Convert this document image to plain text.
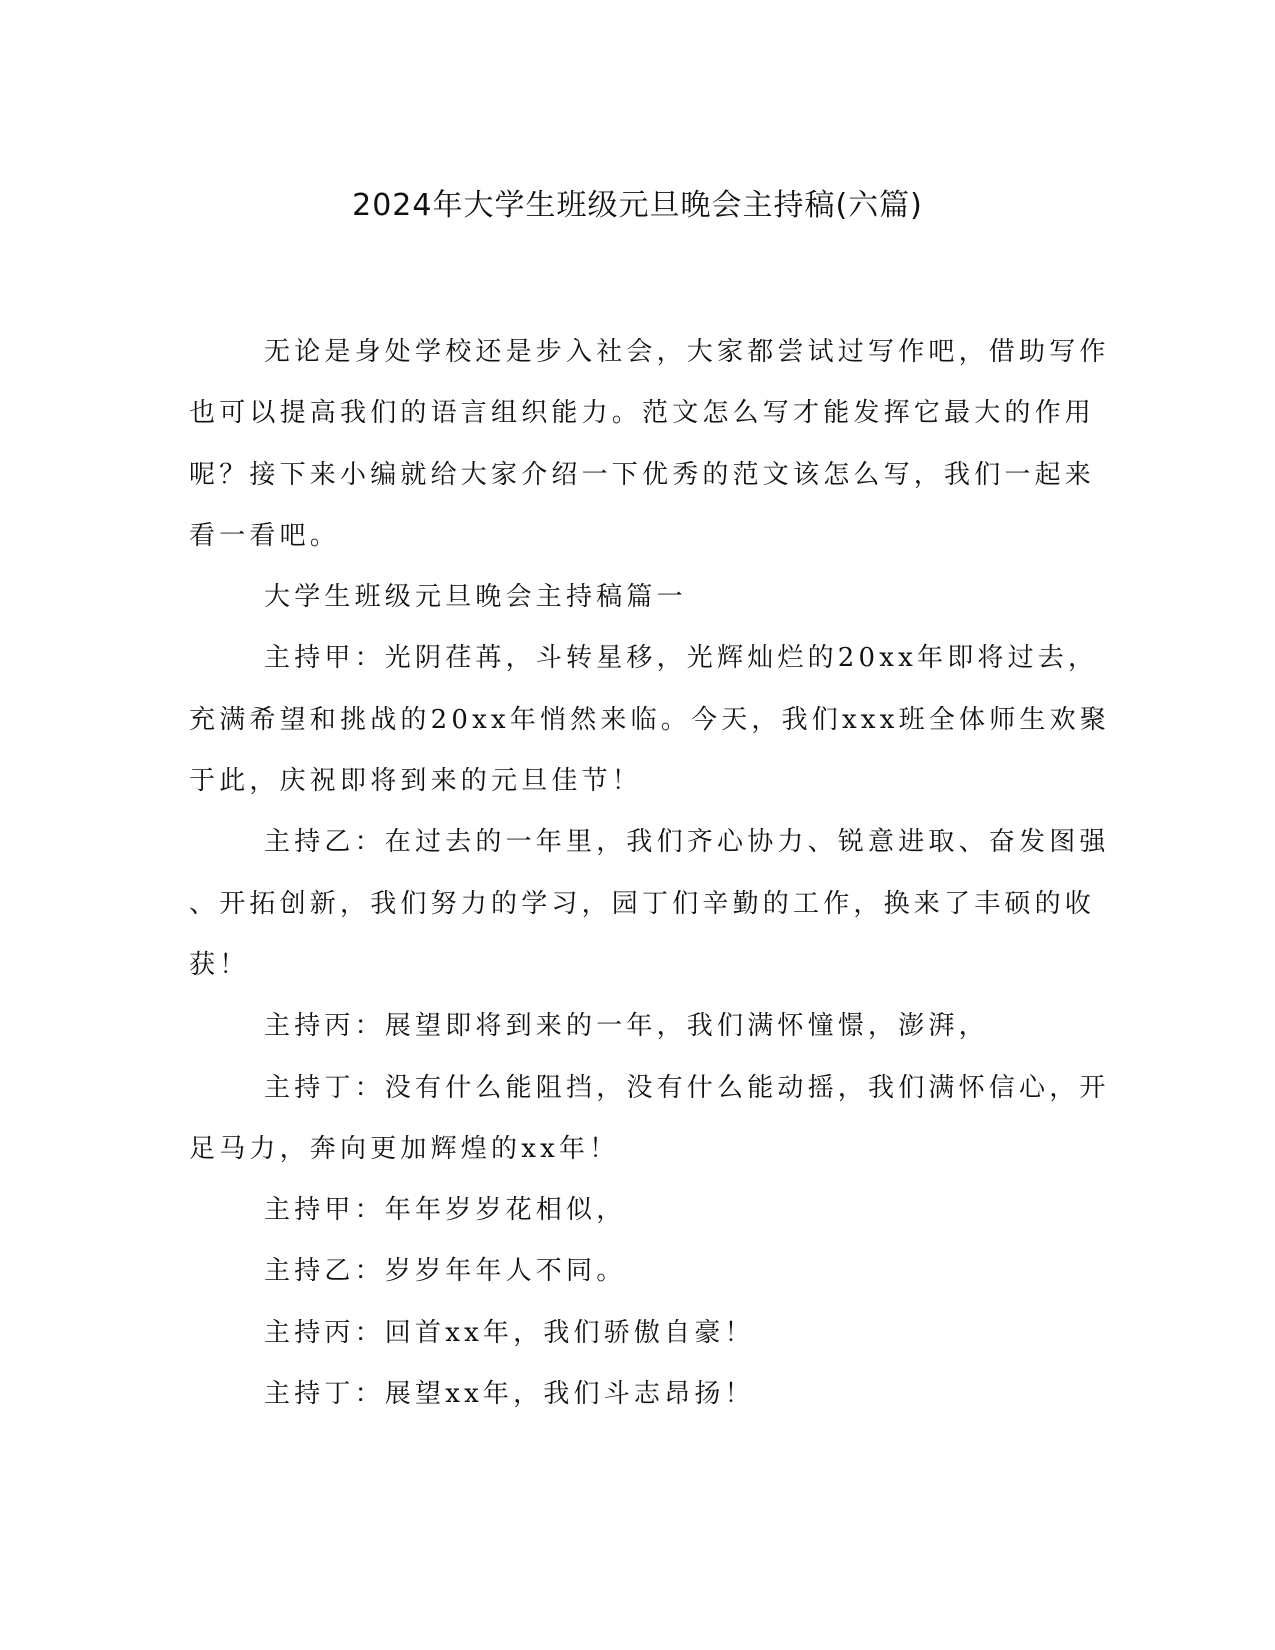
2024年大学生班级元旦晚会主持稿(六篇)
无论是身处学校还是步入社会，大家都尝试过写作吧，借助写作
也可以提高我们的语言组织能力。范文怎么写才能发挥它最大的作用
呢？接下来小编就给大家介绍一下优秀的范文该怎么写，我们一起来
看一看吧。
大学生班级元旦晚会主持稿篇一
主持甲：光阴荏苒，斗转星移，光辉灿烂的20xx年即将过去，
充满希望和挑战的20xx年悄然来临。今天，我们xxx班全体师生欢聚
于此，庆祝即将到来的元旦佳节！
主持乙：在过去的一年里，我们齐心协力、锐意进取、奋发图强
、开拓创新，我们努力的学习，园丁们辛勤的工作，换来了丰硕的收
获！
主持丙：展望即将到来的一年，我们满怀憧憬，澎湃，
主持丁：没有什么能阻挡，没有什么能动摇，我们满怀信心，开
足马力，奔向更加辉煌的xx年！
主持甲：年年岁岁花相似，
主持乙：岁岁年年人不同。
主持丙：回首xx年，我们骄傲自豪！
主持丁：展望xx年，我们斗志昂扬！
